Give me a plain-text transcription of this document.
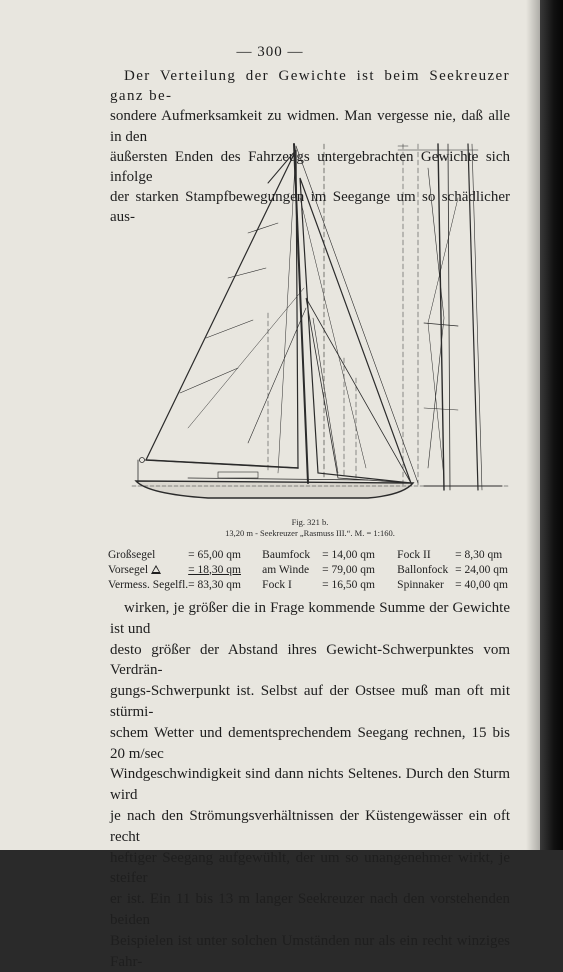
— 300 —

Der Verteilung der Gewichte ist beim Seekreuzer ganz be-

sondere Aufmerksamkeit zu widmen. Man vergesse nie, daß alle in den

äußersten Enden des Fahrzeugs untergebrachten Gewichte sich infolge

der starken Stampfbewegungen im Seegange um so schädlicher aus-

Fig. 321 b.
13,20 m - Seekreuzer „Rasmuss III.“. M. = 1:160.
Großsegel	= 65,00 qm	Baumfock	= 14,00 qm	Fock II	= 8,30 qm
Vorsegel	= 18,30 qm	am Winde	= 79,00 qm	Ballonfock	= 24,00 qm
Vermess. Segelfl.	= 83,30 qm	Fock I	= 16,50 qm	Spinnaker	= 40,00 qm

wirken, je größer die in Frage kommende Summe der Gewichte ist und

desto größer der Abstand ihres Gewicht-Schwerpunktes vom Verdrän-

gungs-Schwerpunkt ist. Selbst auf der Ostsee muß man oft mit stürmi-

schem Wetter und dementsprechendem Seegang rechnen, 15 bis 20 m/sec

Windgeschwindigkeit sind dann nichts Seltenes. Durch den Sturm wird

je nach den Strömungsverhältnissen der Küstengewässer ein oft recht

heftiger Seegang aufgewühlt, der um so unangenehmer wirkt, je steifer

er ist. Ein 11 bis 13 m langer Seekreuzer nach den vorstehenden beiden

Beispielen ist unter solchen Umständen nur als ein recht winziges Fahr-
